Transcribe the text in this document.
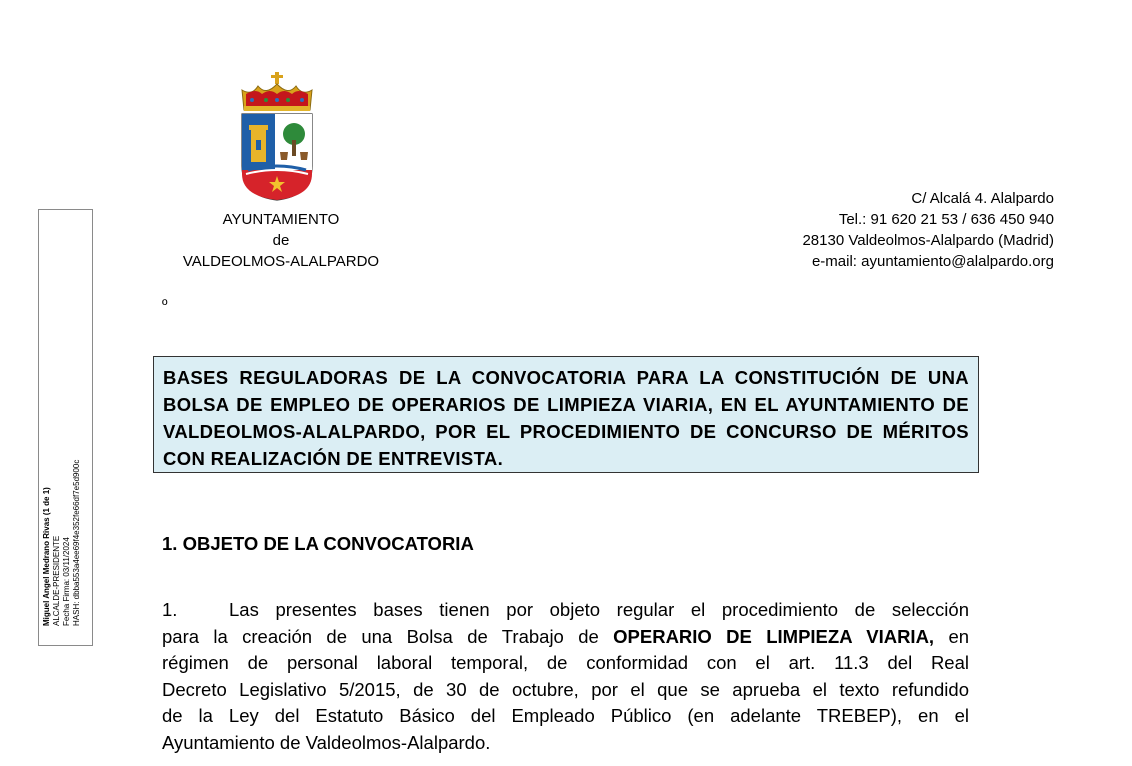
AYUNTAMIENTO
de
VALDEOLMOS-ALALPARDO
C/ Alcalá 4. Alalpardo
Tel.: 91 620 21 53 / 636 450 940
28130 Valdeolmos-Alalpardo (Madrid)
e-mail: ayuntamiento@alalpardo.org
Miguel Angel Medrano Rivas (1 de 1) ALCALDE-PRESIDENTE Fecha Firma: 03/11/2024 HASH: dbba553a4ee69f4e352fe66df7e5d900c
º

BASES REGULADORAS DE LA CONVOCATORIA PARA LA CONSTITUCIÓN DE UNA

BOLSA DE EMPLEO DE OPERARIOS DE LIMPIEZA VIARIA, EN EL AYUNTAMIENTO DE

VALDEOLMOS-ALALPARDO, POR EL PROCEDIMIENTO DE CONCURSO DE MÉRITOS

CON REALIZACIÓN DE ENTREVISTA.

1. OBJETO DE LA CONVOCATORIA
1.	Las presentes bases tienen por objeto regular el procedimiento de selección
para la creación de una Bolsa de Trabajo de OPERARIO DE LIMPIEZA VIARIA, en
régimen de personal laboral temporal, de conformidad con el art. 11.3 del Real
Decreto Legislativo 5/2015, de 30 de octubre, por el que se aprueba el texto refundido
de la Ley del Estatuto Básico del Empleado Público (en adelante TREBEP), en el
Ayuntamiento de Valdeolmos-Alalpardo.
